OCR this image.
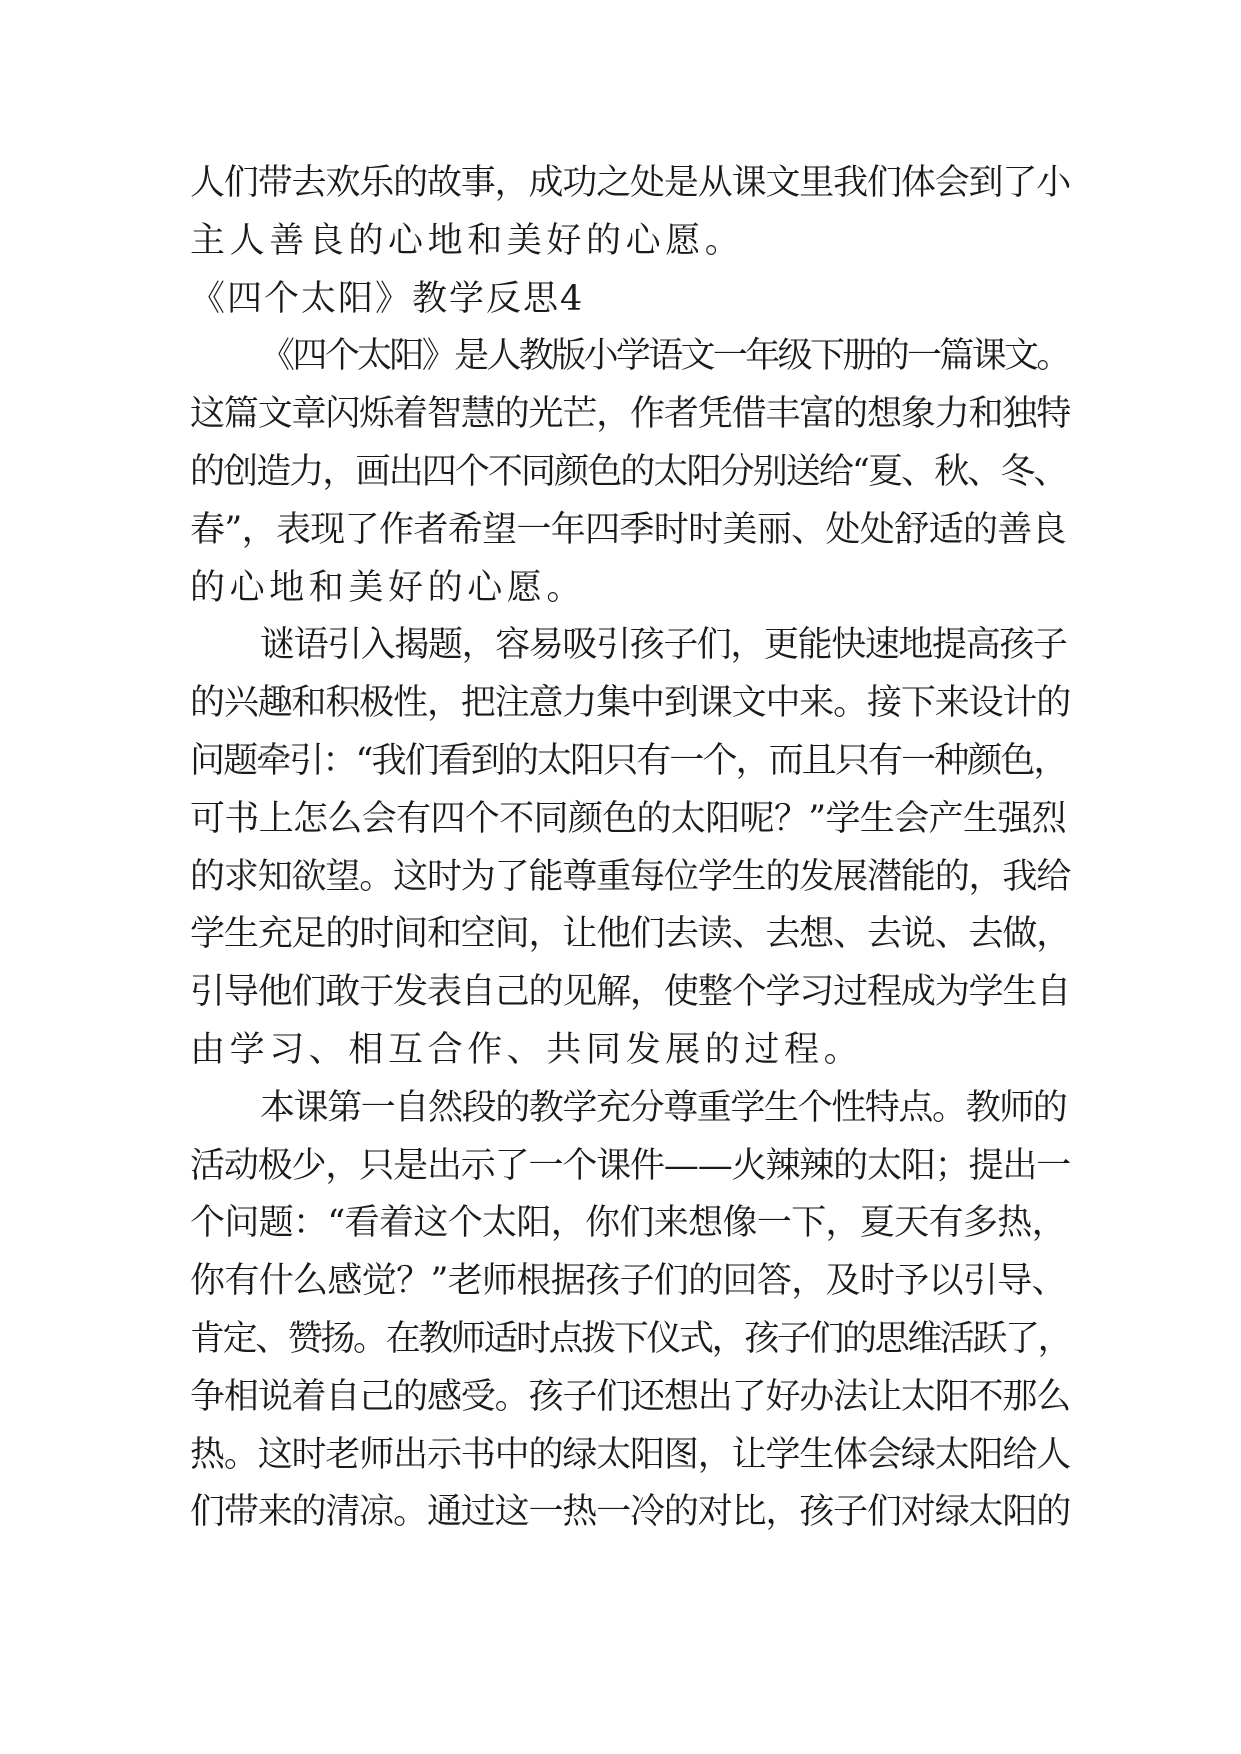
人们带去欢乐的故事，成功之处是从课文里我们体会到了小
主人善良的心地和美好的心愿。
《四个太阳》教学反思4
《四个太阳》是人教版小学语文一年级下册的一篇课文。
这篇文章闪烁着智慧的光芒，作者凭借丰富的想象力和独特
的创造力，画出四个不同颜色的太阳分别送给“夏、秋、冬、
春”，表现了作者希望一年四季时时美丽、处处舒适的善良
的心地和美好的心愿。
谜语引入揭题，容易吸引孩子们，更能快速地提高孩子
的兴趣和积极性，把注意力集中到课文中来。接下来设计的
问题牵引：“我们看到的太阳只有一个，而且只有一种颜色，
可书上怎么会有四个不同颜色的太阳呢？”学生会产生强烈
的求知欲望。这时为了能尊重每位学生的发展潜能的，我给
学生充足的时间和空间，让他们去读、去想、去说、去做，
引导他们敢于发表自己的见解，使整个学习过程成为学生自
由学习、相互合作、共同发展的过程。
本课第一自然段的教学充分尊重学生个性特点。教师的
活动极少，只是出示了一个课件——火辣辣的太阳；提出一
个问题：“看着这个太阳，你们来想像一下，夏天有多热，
你有什么感觉？”老师根据孩子们的回答，及时予以引导、
肯定、赞扬。在教师适时点拨下仪式，孩子们的思维活跃了，
争相说着自己的感受。孩子们还想出了好办法让太阳不那么
热。这时老师出示书中的绿太阳图，让学生体会绿太阳给人
们带来的清凉。通过这一热一冷的对比，孩子们对绿太阳的
